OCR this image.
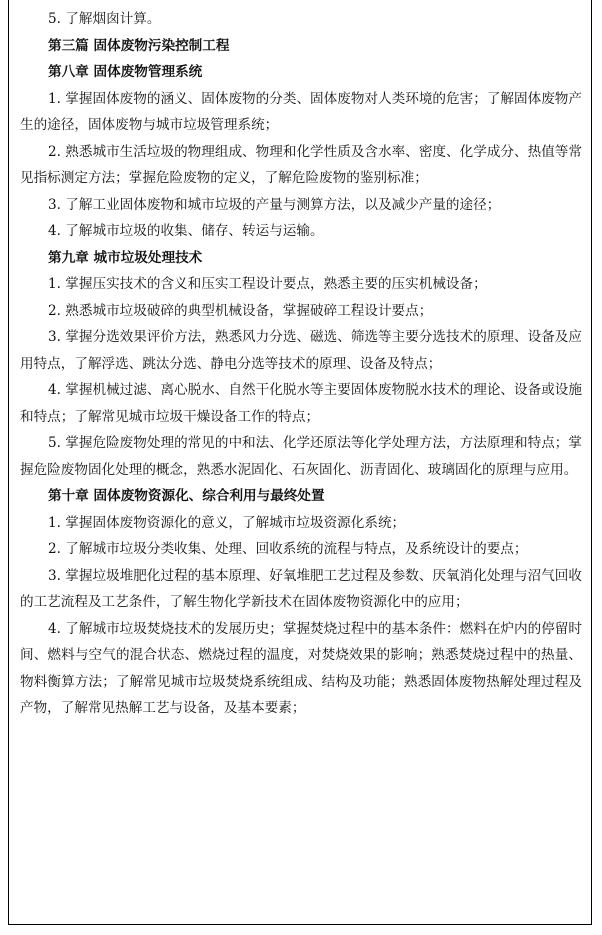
5. 了解烟囱计算。

第三篇 固体废物污染控制工程

第八章 固体废物管理系统

1. 掌握固体废物的涵义、固体废物的分类、固体废物对人类环境的危害；了解固体废物产生的途径，固体废物与城市垃圾管理系统；

2. 熟悉城市生活垃圾的物理组成、物理和化学性质及含水率、密度、化学成分、热值等常见指标测定方法；掌握危险废物的定义，了解危险废物的鉴别标准；

3. 了解工业固体废物和城市垃圾的产量与测算方法，以及减少产量的途径；

4. 了解城市垃圾的收集、储存、转运与运输。

第九章 城市垃圾处理技术

1. 掌握压实技术的含义和压实工程设计要点，熟悉主要的压实机械设备；

2. 熟悉城市垃圾破碎的典型机械设备，掌握破碎工程设计要点；

3. 掌握分选效果评价方法，熟悉风力分选、磁选、筛选等主要分选技术的原理、设备及应用特点，了解浮选、跳汰分选、静电分选等技术的原理、设备及特点；

4. 掌握机械过滤、离心脱水、自然干化脱水等主要固体废物脱水技术的理论、设备或设施和特点；了解常见城市垃圾干燥设备工作的特点；

5. 掌握危险废物处理的常见的中和法、化学还原法等化学处理方法，方法原理和特点；掌握危险废物固化处理的概念，熟悉水泥固化、石灰固化、沥青固化、玻璃固化的原理与应用。

第十章 固体废物资源化、综合利用与最终处置

1. 掌握固体废物资源化的意义，了解城市垃圾资源化系统；

2. 了解城市垃圾分类收集、处理、回收系统的流程与特点，及系统设计的要点；

3. 掌握垃圾堆肥化过程的基本原理、好氧堆肥工艺过程及参数、厌氧消化处理与沼气回收的工艺流程及工艺条件，了解生物化学新技术在固体废物资源化中的应用；

4. 了解城市垃圾焚烧技术的发展历史；掌握焚烧过程中的基本条件：燃料在炉内的停留时间、燃料与空气的混合状态、燃烧过程的温度，对焚烧效果的影响；熟悉焚烧过程中的热量、物料衡算方法；了解常见城市垃圾焚烧系统组成、结构及功能；熟悉固体废物热解处理过程及产物，了解常见热解工艺与设备，及基本要素；
